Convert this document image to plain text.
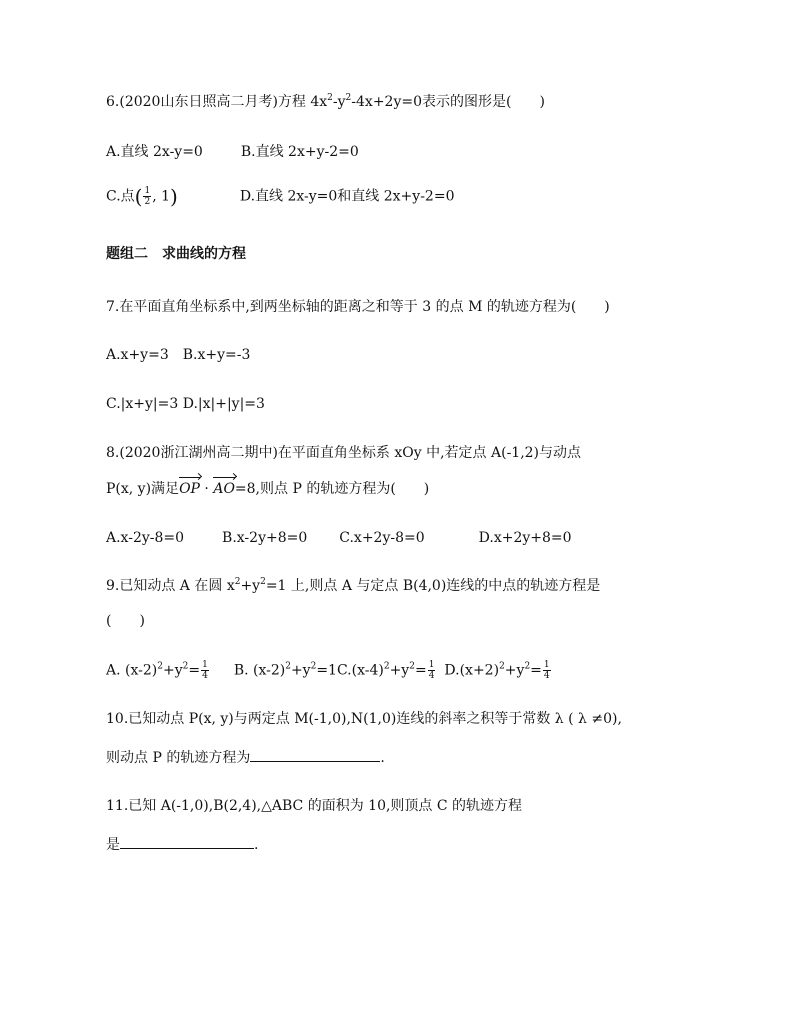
6.(2020山东日照高二月考)方程 $4x^2-y^2-4x+2y=0$表示的图形是(　　)
A.直线 2x-y=0	B.直线 2x+y-2=0
C.点( $\frac{1}{2}$ , 1)	D.直线 2x-y=0和直线 2x+y-2=0
题组二　求曲线的方程
7.在平面直角坐标系中,到两坐标轴的距离之和等于 3 的点 M 的轨迹方程为(　　)
A.x+y=3　B.x+y=-3
C.|x+y|=3 D.|x|+|y|=3
8.(2020浙江湖州高二期中)在平面直角坐标系 xOy 中,若定点 A(-1,2)与动点
P(x, y)满足OP · AO=8,则点 P 的轨迹方程为(　　)
A.x-2y-8=0	B.x-2y+8=0 C.x+2y-8=0	D.x+2y+8=0
9.已知动点 A 在圆 $x^2+y^2=1$ 上,则点 A 与定点 B(4,0)连线的中点的轨迹方程是
(　　)
A. $(x-2)^2+y^2= \frac{1}{4} B$. $(x-2)^2+y^2=1C.(x-4)^2+y^2= \frac{1}{4} D.(x+2)^2+y^2= \frac{1}{4}$
10.已知动点 P(x, y)与两定点 M(-1,0),N(1,0)连线的斜率之积等于常数 λ ( λ ≠0),
则动点 P 的轨迹方程为	.
11.已知 A(-1,0),B(2,4),△ABC 的面积为 10,则顶点 C 的轨迹方程
是	.
